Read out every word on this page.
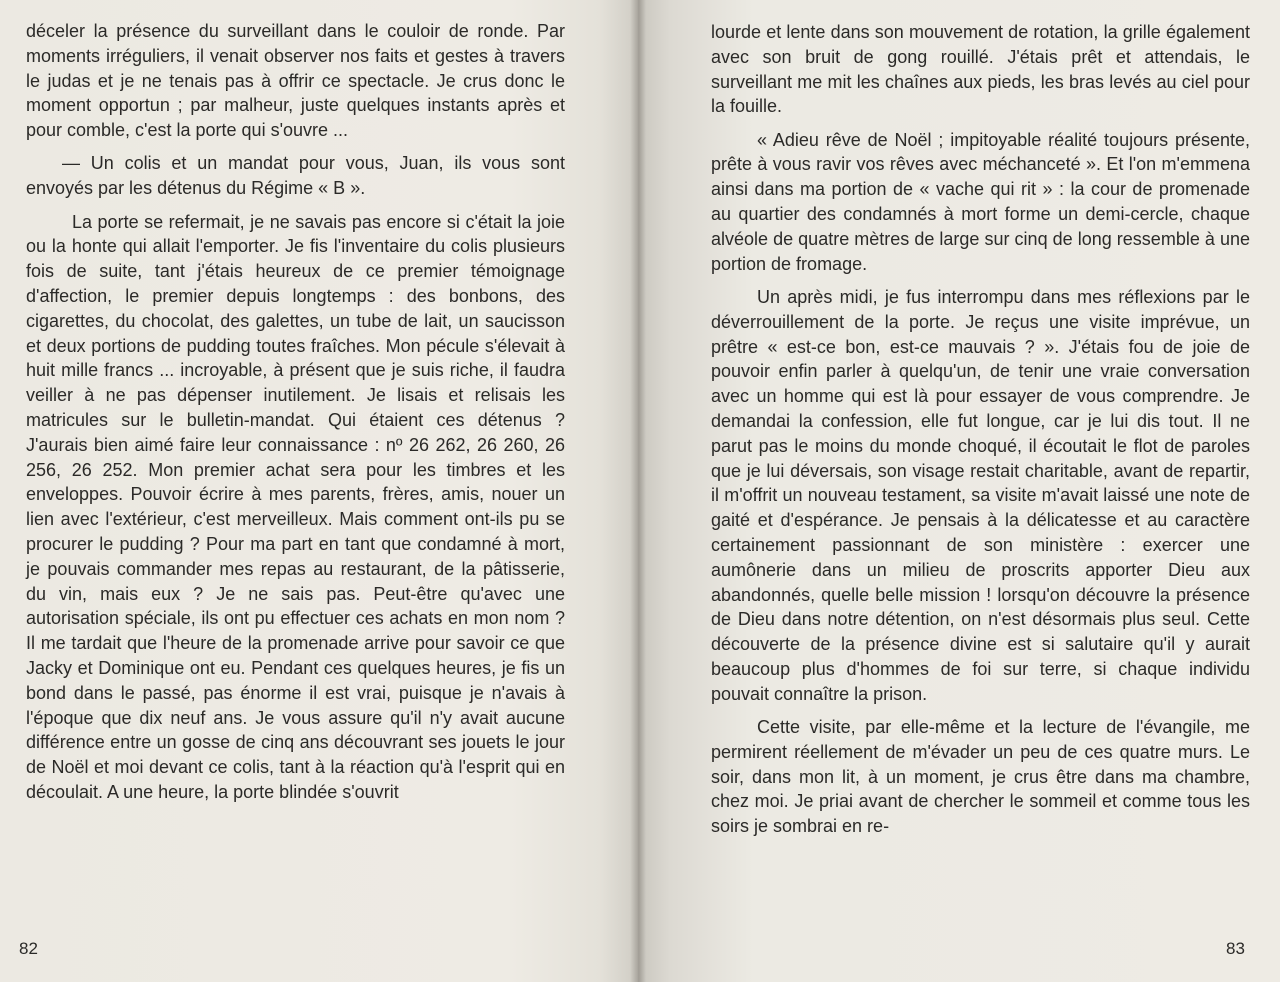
déceler la présence du surveillant dans le couloir de ronde. Par moments irréguliers, il venait observer nos faits et gestes à travers le judas et je ne tenais pas à offrir ce spectacle. Je crus donc le moment opportun ; par malheur, juste quelques instants après et pour comble, c'est la porte qui s'ouvre ...

— Un colis et un mandat pour vous, Juan, ils vous sont envoyés par les détenus du Régime « B ».

La porte se refermait, je ne savais pas encore si c'était la joie ou la honte qui allait l'emporter. Je fis l'inventaire du colis plusieurs fois de suite, tant j'étais heureux de ce premier témoignage d'affection, le premier depuis longtemps : des bonbons, des cigarettes, du chocolat, des galettes, un tube de lait, un saucisson et deux portions de pudding toutes fraîches. Mon pécule s'élevait à huit mille francs ... incroyable, à présent que je suis riche, il faudra veiller à ne pas dépenser inutilement. Je lisais et relisais les matricules sur le bulletin-mandat. Qui étaient ces détenus ? J'aurais bien aimé faire leur connaissance : nº 26 262, 26 260, 26 256, 26 252. Mon premier achat sera pour les timbres et les enveloppes. Pouvoir écrire à mes parents, frères, amis, nouer un lien avec l'extérieur, c'est merveilleux. Mais comment ont-ils pu se procurer le pudding ? Pour ma part en tant que condamné à mort, je pouvais commander mes repas au restaurant, de la pâtisserie, du vin, mais eux ? Je ne sais pas. Peut-être qu'avec une autorisation spéciale, ils ont pu effectuer ces achats en mon nom ? Il me tardait que l'heure de la promenade arrive pour savoir ce que Jacky et Dominique ont eu. Pendant ces quelques heures, je fis un bond dans le passé, pas énorme il est vrai, puisque je n'avais à l'époque que dix neuf ans. Je vous assure qu'il n'y avait aucune différence entre un gosse de cinq ans découvrant ses jouets le jour de Noël et moi devant ce colis, tant à la réaction qu'à l'esprit qui en découlait. A une heure, la porte blindée s'ouvrit

82

lourde et lente dans son mouvement de rotation, la grille également avec son bruit de gong rouillé. J'étais prêt et attendais, le surveillant me mit les chaînes aux pieds, les bras levés au ciel pour la fouille.

« Adieu rêve de Noël ; impitoyable réalité toujours présente, prête à vous ravir vos rêves avec méchanceté ». Et l'on m'emmena ainsi dans ma portion de « vache qui rit » : la cour de promenade au quartier des condamnés à mort forme un demi-cercle, chaque alvéole de quatre mètres de large sur cinq de long ressemble à une portion de fromage.

Un après midi, je fus interrompu dans mes réflexions par le déverrouillement de la porte. Je reçus une visite imprévue, un prêtre « est-ce bon, est-ce mauvais ? ». J'étais fou de joie de pouvoir enfin parler à quelqu'un, de tenir une vraie conversation avec un homme qui est là pour essayer de vous comprendre. Je demandai la confession, elle fut longue, car je lui dis tout. Il ne parut pas le moins du monde choqué, il écoutait le flot de paroles que je lui déversais, son visage restait charitable, avant de repartir, il m'offrit un nouveau testament, sa visite m'avait laissé une note de gaité et d'espérance. Je pensais à la délicatesse et au caractère certainement passionnant de son ministère : exercer une aumônerie dans un milieu de proscrits apporter Dieu aux abandonnés, quelle belle mission ! lorsqu'on découvre la présence de Dieu dans notre détention, on n'est désormais plus seul. Cette découverte de la présence divine est si salutaire qu'il y aurait beaucoup plus d'hommes de foi sur terre, si chaque individu pouvait connaître la prison.

Cette visite, par elle-même et la lecture de l'évangile, me permirent réellement de m'évader un peu de ces quatre murs. Le soir, dans mon lit, à un moment, je crus être dans ma chambre, chez moi. Je priai avant de chercher le sommeil et comme tous les soirs je sombrai en re-

83
